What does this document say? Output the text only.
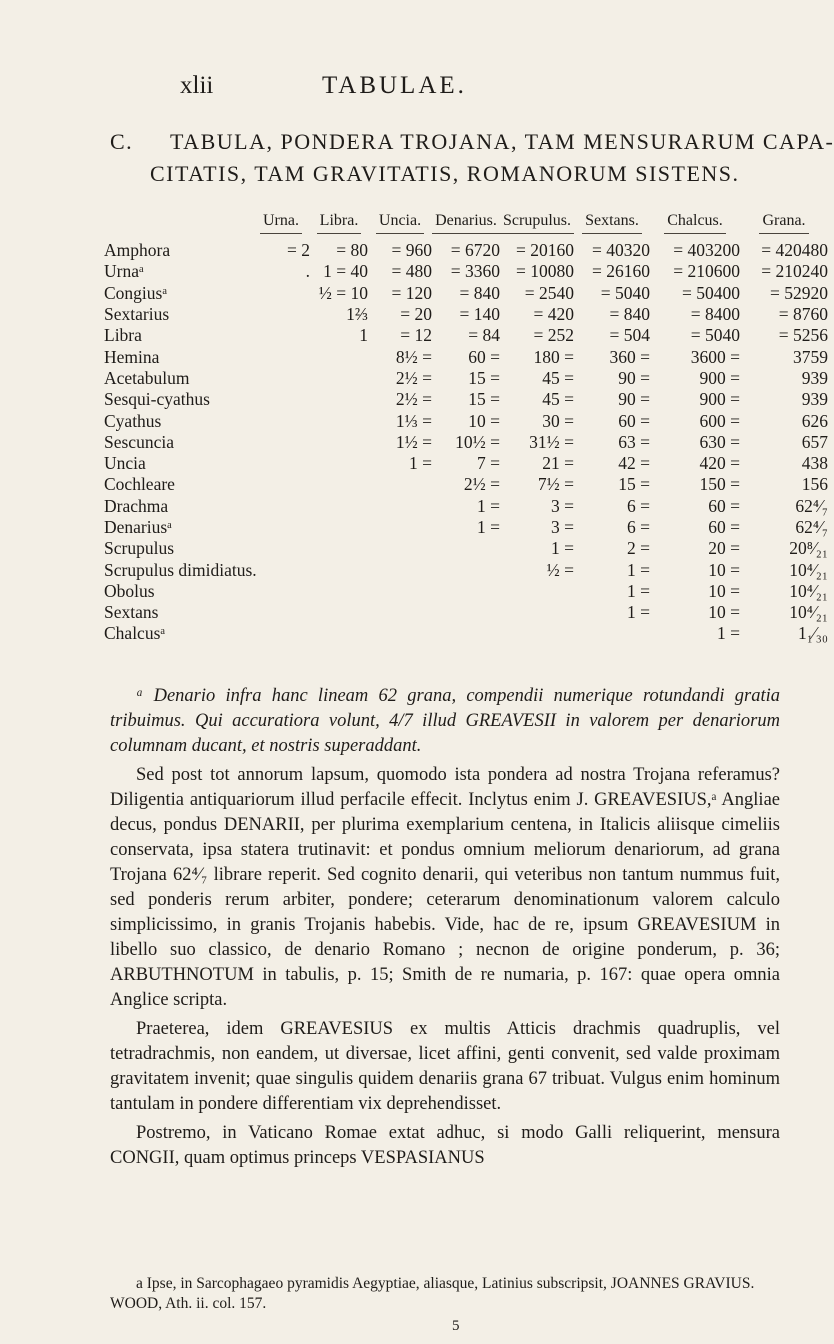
xlii	TABULAE.
C. TABULA, PONDERA TROJANA, TAM MENSURARUM CAPA-
CITATIS, TAM GRAVITATIS, ROMANORUM SISTENS.
	Urna.	Libra.	Uncia.	Denarius.	Scrupulus.	Sextans.	Chalcus.	Grana.
Amphora	= 2	= 80	= 960	= 6720	= 20160	= 40320	= 403200	= 420480
Urnaᵃ	.	1 = 40	= 480	= 3360	= 10080	= 26160	= 210600	= 210240
Congiusᵃ		½ = 10	= 120	= 840	= 2540	= 5040	= 50400	= 52920
Sextarius		1⅔	= 20	= 140	= 420	= 840	= 8400	= 8760
Libra		1	= 12	= 84	= 252	= 504	= 5040	= 5256
Hemina			8½ =	60 =	180 =	360 =	3600 =	3759
Acetabulum			2½ =	15 =	45 =	90 =	900 =	939
Sesqui-cyathus			2½ =	15 =	45 =	90 =	900 =	939
Cyathus			1⅓ =	10 =	30 =	60 =	600 =	626
Sescuncia			1½ =	10½ =	31½ =	63 =	630 =	657
Uncia			1 =	7 =	21 =	42 =	420 =	438
Cochleare				2½ =	7½ =	15 =	150 =	156
Drachma				1 =	3 =	6 =	60 =	62⁴⁄₇
Denariusᵃ				1 =	3 =	6 =	60 =	62⁴⁄₇
Scrupulus					1 =	2 =	20 =	20⁸⁄₂₁
Scrupulus dimidiatus.					½ =	1 =	10 =	10⁴⁄₂₁
Obolus						1 =	10 =	10⁴⁄₂₁
Sextans						1 =	10 =	10⁴⁄₂₁
Chalcusᵃ							1 =	1₁⁄₃₀

ᵃ Denario infra hanc lineam 62 grana, compendii numerique rotundandi gratia tribuimus. Qui accuratiora volunt, 4/7 illud GREAVESII in valorem per denariorum columnam ducant, et nostris superaddant.

Sed post tot annorum lapsum, quomodo ista pondera ad nostra Trojana referamus? Diligentia antiquariorum illud perfacile effecit. Inclytus enim J. GREAVESIUS,ᵃ Angliae decus, pondus DENARII, per plurima exemplarium centena, in Italicis aliisque cimeliis conservata, ipsa statera trutinavit: et pondus omnium meliorum denariorum, ad grana Trojana 62⁴⁄₇ librare reperit. Sed cognito denarii, qui veteribus non tantum nummus fuit, sed ponderis rerum arbiter, pondere; ceterarum denominationum valorem calculo simplicissimo, in granis Trojanis habebis. Vide, hac de re, ipsum GREAVESIUM in libello suo classico, de denario Romano ; necnon de origine ponderum, p. 36; ARBUTHNOTUM in tabulis, p. 15; Smith de re numaria, p. 167: quae opera omnia Anglice scripta.

Praeterea, idem GREAVESIUS ex multis Atticis drachmis quadruplis, vel tetradrachmis, non eandem, ut diversae, licet affini, genti convenit, sed valde proximam gravitatem invenit; quae singulis quidem denariis grana 67 tribuat. Vulgus enim hominum tantulam in pondere differentiam vix deprehendisset.

Postremo, in Vaticano Romae extat adhuc, si modo Galli reliquerint, mensura CONGII, quam optimus princeps VESPASIANUS

a Ipse, in Sarcophagaeo pyramidis Aegyptiae, aliasque, Latinius subscripsit, JOANNES GRAVIUS. WOOD, Ath. ii. col. 157.
5
